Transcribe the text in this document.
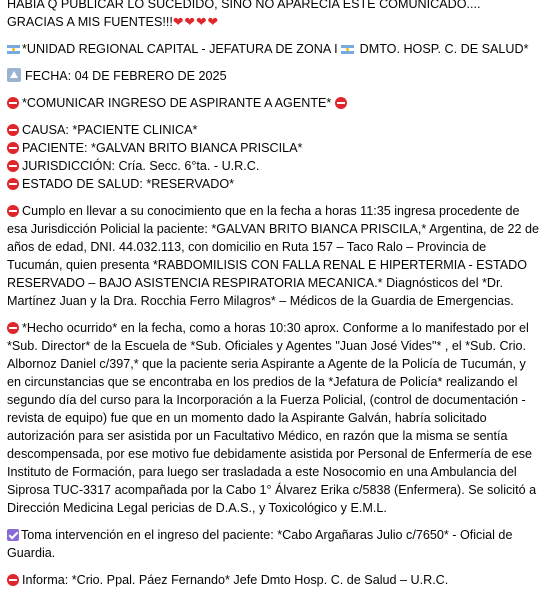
HABIA Q PUBLICAR LO SUCEDIDO, SINO NO APARECIA ESTE COMUNICADO....
GRACIAS A MIS FUENTES!!!❤❤❤❤
*UNIDAD REGIONAL CAPITAL - JEFATURA DE ZONA I DMTO. HOSP. C. DE SALUD*
FECHA: 04 DE FEBRERO DE 2025
*COMUNICAR INGRESO DE ASPIRANTE A AGENTE*
CAUSA: *PACIENTE CLINICA*
PACIENTE: *GALVAN BRITO BIANCA PRISCILA*
JURISDICCIÓN: Cría. Secc. 6°ta. - U.R.C.
ESTADO DE SALUD: *RESERVADO*
Cumplo en llevar a su conocimiento que en la fecha a horas 11:35 ingresa procedente de esa Jurisdicción Policial la paciente: *GALVAN BRITO BIANCA PRISCILA,* Argentina, de 22 de años de edad, DNI. 44.032.113, con domicilio en Ruta 157 – Taco Ralo – Provincia de Tucumán, quien presenta *RABDOMILISIS CON FALLA RENAL E HIPERTERMIA - ESTADO RESERVADO – BAJO ASISTENCIA RESPIRATORIA MECANICA.* Diagnósticos del *Dr. Martínez Juan y la Dra. Rocchia Ferro Milagros* – Médicos de la Guardia de Emergencias.
*Hecho ocurrido* en la fecha, como a horas 10:30 aprox. Conforme a lo manifestado por el *Sub. Director* de la Escuela de *Sub. Oficiales y Agentes "Juan José Vides"* , el *Sub. Crio. Albornoz Daniel c/397,* que la paciente seria Aspirante a Agente de la Policía de Tucumán, y en circunstancias que se encontraba en los predios de la *Jefatura de Policía* realizando el segundo día del curso para la Incorporación a la Fuerza Policial, (control de documentación - revista de equipo) fue que en un momento dado la Aspirante Galván, habría solicitado autorización para ser asistida por un Facultativo Médico, en razón que la misma se sentía descompensada, por ese motivo fue debidamente asistida por Personal de Enfermería de ese Instituto de Formación, para luego ser trasladada a este Nosocomio en una Ambulancia del Siprosa TUC-3317 acompañada por la Cabo 1° Álvarez Erika c/5838 (Enfermera). Se solicitó a Dirección Medicina Legal pericias de D.A.S., y Toxicológico y E.M.L.
Toma intervención en el ingreso del paciente: *Cabo Argañaras Julio c/7650* - Oficial de Guardia.
Informa: *Crio. Ppal. Páez Fernando* Jefe Dmto Hosp. C. de Salud – U.R.C.
